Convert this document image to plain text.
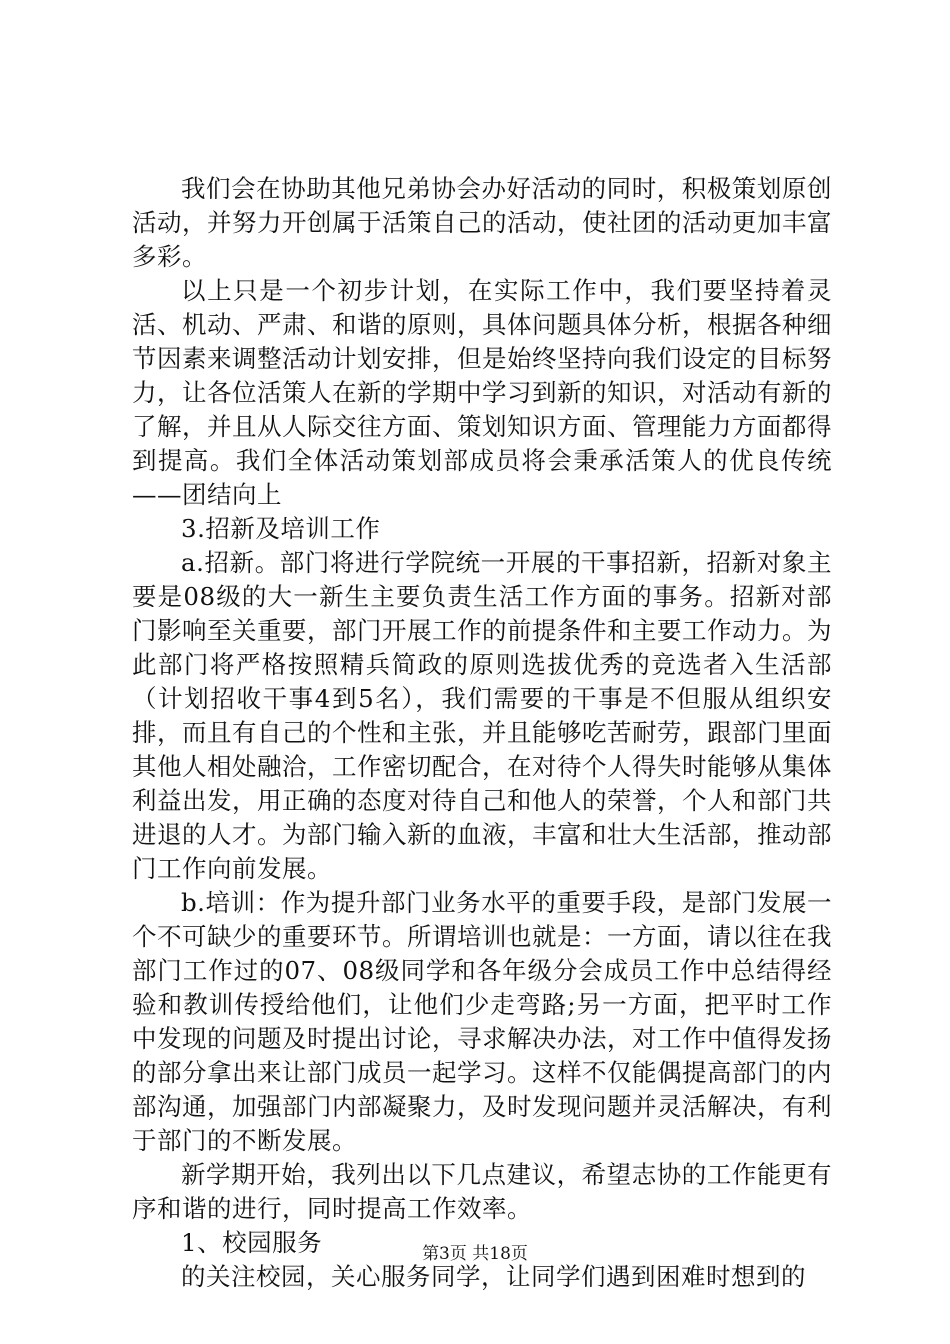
我们会在协助其他兄弟协会办好活动的同时，积极策划原创活动，并努力开创属于活策自己的活动，使社团的活动更加丰富多彩。

以上只是一个初步计划，在实际工作中，我们要坚持着灵活、机动、严肃、和谐的原则，具体问题具体分析，根据各种细节因素来调整活动计划安排，但是始终坚持向我们设定的目标努力，让各位活策人在新的学期中学习到新的知识，对活动有新的了解，并且从人际交往方面、策划知识方面、管理能力方面都得到提高。我们全体活动策划部成员将会秉承活策人的优良传统——团结向上

3.招新及培训工作

a.招新。部门将进行学院统一开展的干事招新，招新对象主要是08级的大一新生主要负责生活工作方面的事务。招新对部门影响至关重要，部门开展工作的前提条件和主要工作动力。为此部门将严格按照精兵简政的原则选拔优秀的竞选者入生活部（计划招收干事4到5名），我们需要的干事是不但服从组织安排，而且有自己的个性和主张，并且能够吃苦耐劳，跟部门里面其他人相处融洽，工作密切配合，在对待个人得失时能够从集体利益出发，用正确的态度对待自己和他人的荣誉，个人和部门共进退的人才。为部门输入新的血液，丰富和壮大生活部，推动部门工作向前发展。

b.培训：作为提升部门业务水平的重要手段，是部门发展一个不可缺少的重要环节。所谓培训也就是：一方面，请以往在我部门工作过的07、08级同学和各年级分会成员工作中总结得经验和教训传授给他们，让他们少走弯路;另一方面，把平时工作中发现的问题及时提出讨论，寻求解决办法，对工作中值得发扬的部分拿出来让部门成员一起学习。这样不仅能偶提高部门的内部沟通，加强部门内部凝聚力，及时发现问题并灵活解决，有利于部门的不断发展。

新学期开始，我列出以下几点建议，希望志协的工作能更有序和谐的进行，同时提高工作效率。

1、校园服务

的关注校园，关心服务同学，让同学们遇到困难时想到的

第3页 共18页
